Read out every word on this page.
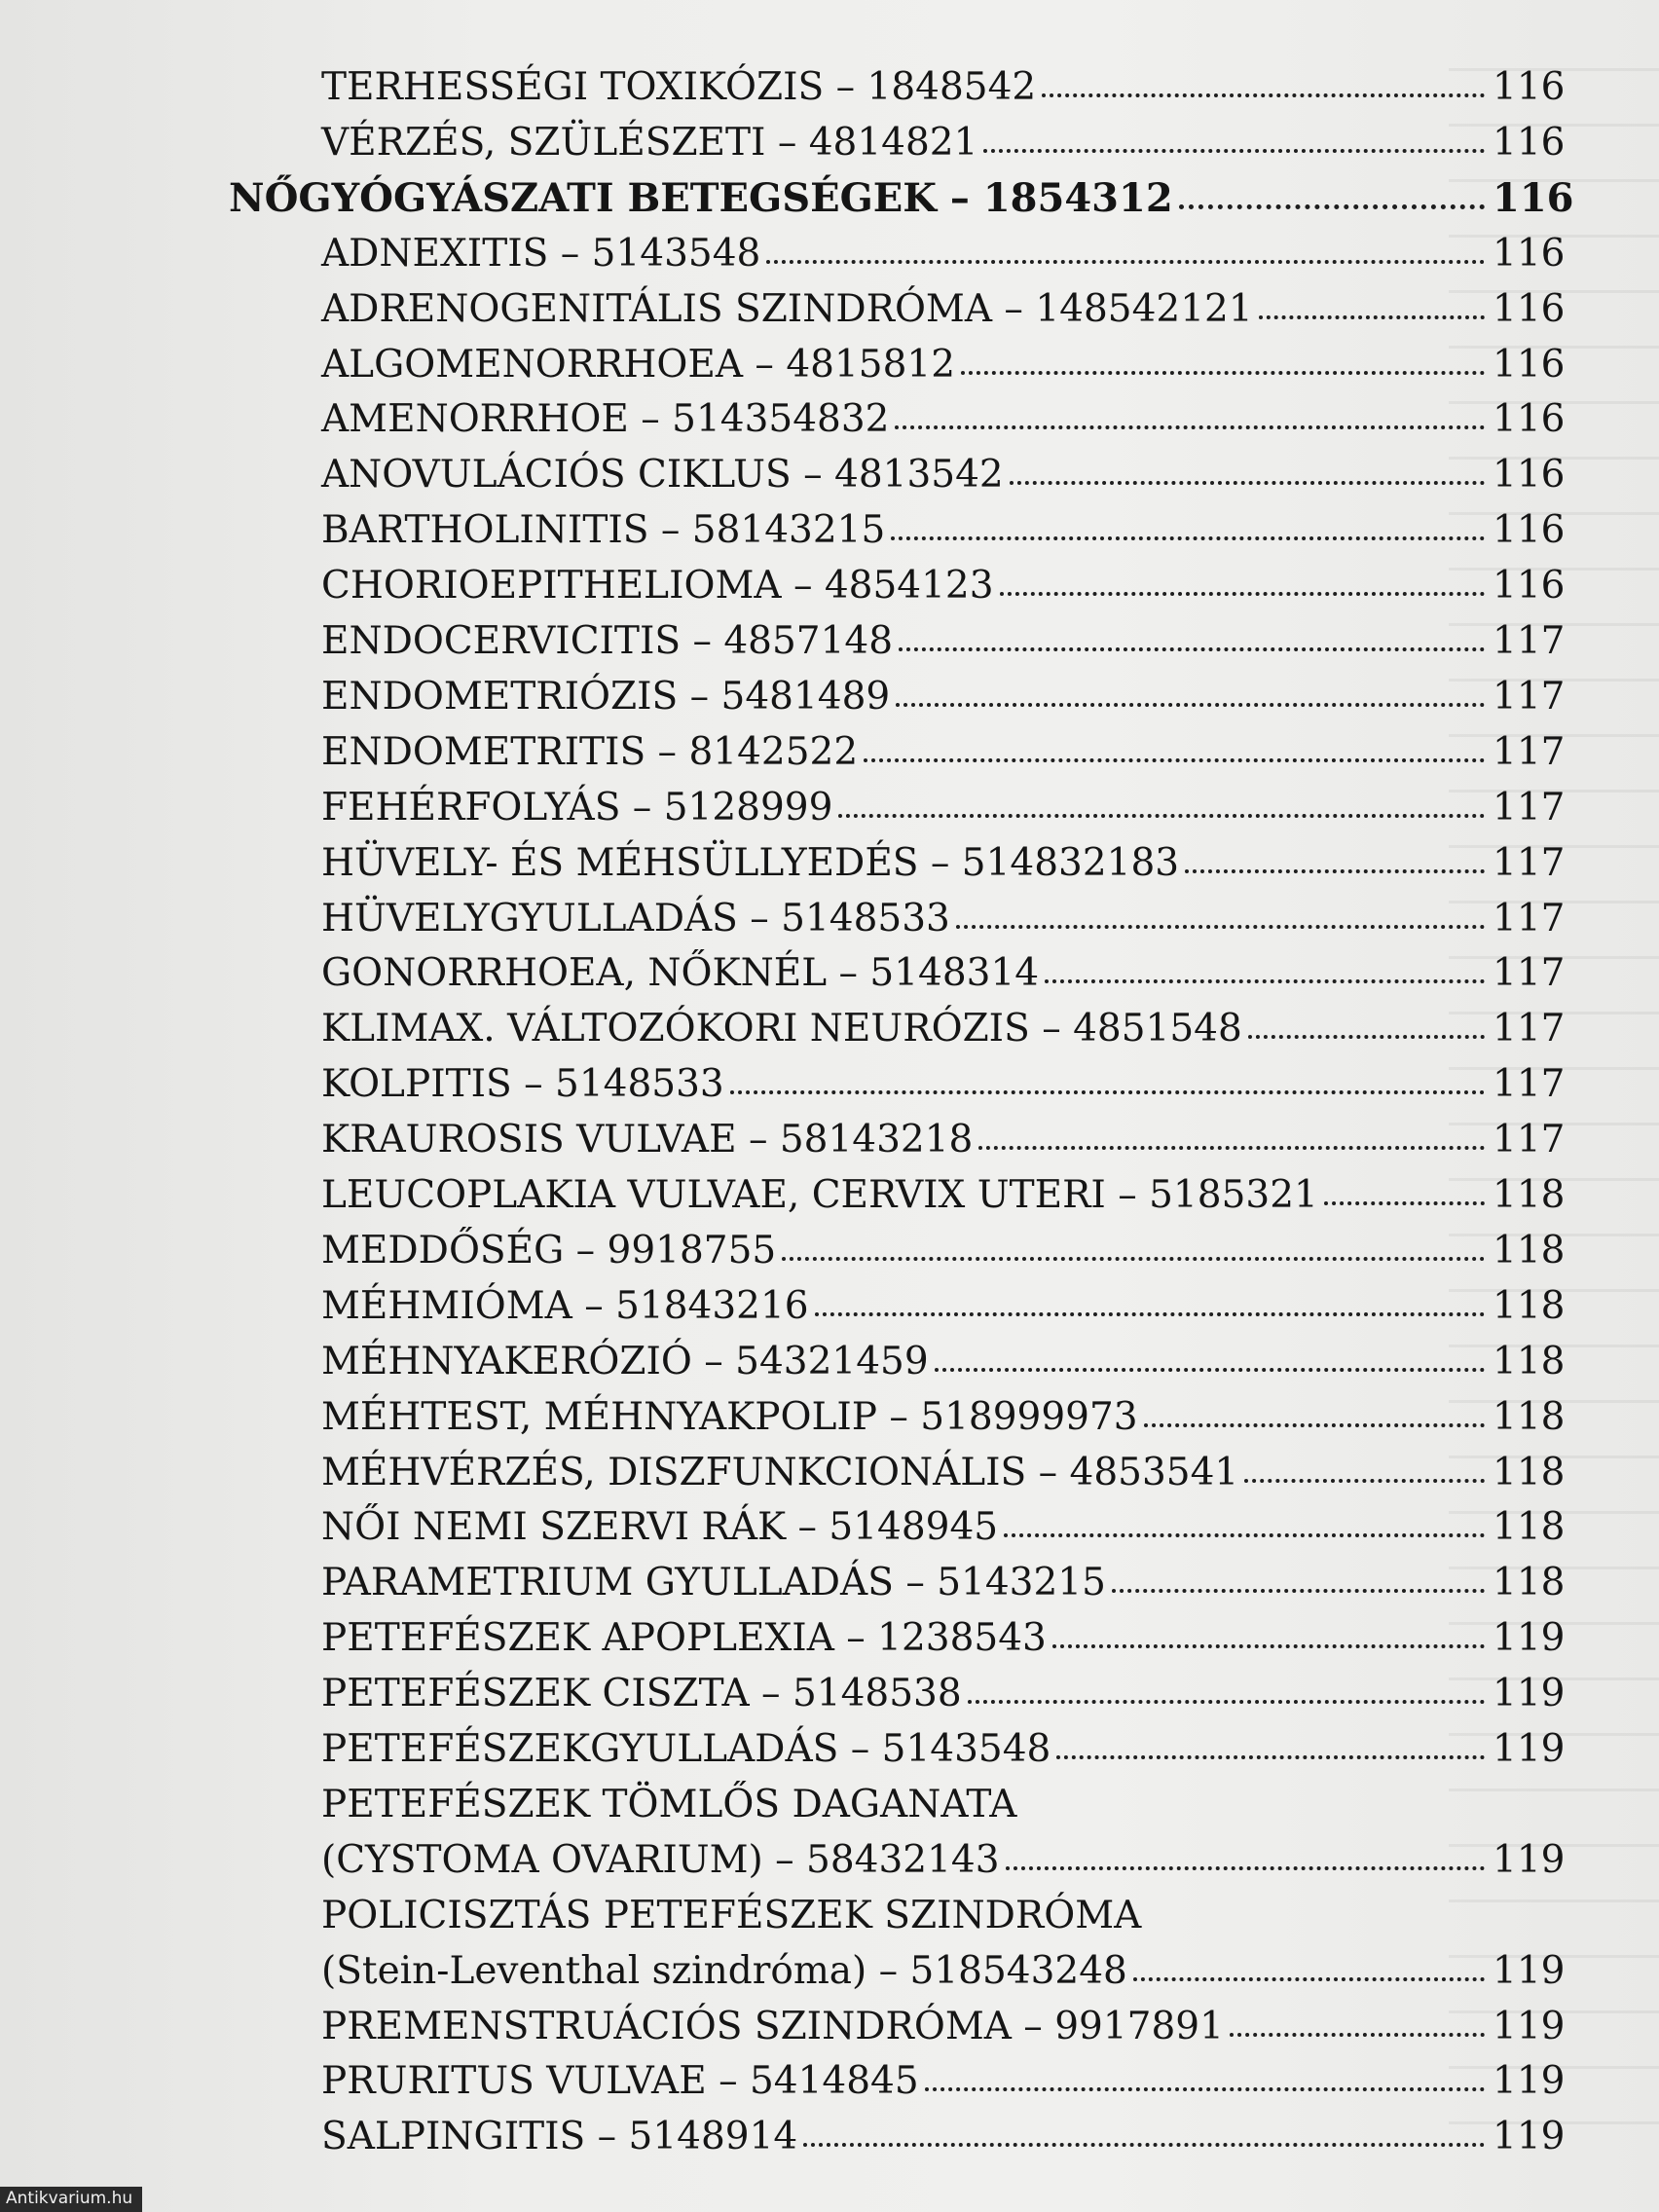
TERHESSÉGI TOXIKÓZIS – 1848542	116
VÉRZÉS, SZÜLÉSZETI – 4814821	116
NŐGYÓGYÁSZATI BETEGSÉGEK – 1854312	116
ADNEXITIS – 5143548	116
ADRENOGENITÁLIS SZINDRÓMA – 148542121	116
ALGOMENORRHOEA – 4815812	116
AMENORRHOE – 514354832	116
ANOVULÁCIÓS CIKLUS – 4813542	116
BARTHOLINITIS – 58143215	116
CHORIOEPITHELIOMA – 4854123	116
ENDOCERVICITIS – 4857148	117
ENDOMETRIÓZIS – 5481489	117
ENDOMETRITIS – 8142522	117
FEHÉRFOLYÁS – 5128999	117
HÜVELY- ÉS MÉHSÜLLYEDÉS – 514832183	117
HÜVELYGYULLADÁS – 5148533	117
GONORRHOEA, NŐKNÉL – 5148314	117
KLIMAX. VÁLTOZÓKORI NEURÓZIS – 4851548	117
KOLPITIS – 5148533	117
KRAUROSIS VULVAE – 58143218	117
LEUCOPLAKIA VULVAE, CERVIX UTERI – 5185321	118
MEDDŐSÉG – 9918755	118
MÉHMIÓMA – 51843216	118
MÉHNYAKERÓZIÓ – 54321459	118
MÉHTEST, MÉHNYAKPOLIP – 518999973	118
MÉHVÉRZÉS, DISZFUNKCIONÁLIS – 4853541	118
NŐI NEMI SZERVI RÁK – 5148945	118
PARAMETRIUM GYULLADÁS – 5143215	118
PETEFÉSZEK APOPLEXIA – 1238543	119
PETEFÉSZEK CISZTA – 5148538	119
PETEFÉSZEKGYULLADÁS – 5143548	119
PETEFÉSZEK TÖMLŐS DAGANATA
(CYSTOMA OVARIUM) – 58432143	119
POLICISZTÁS PETEFÉSZEK SZINDRÓMA
(Stein-Leventhal szindróma) – 518543248	119
PREMENSTRUÁCIÓS SZINDRÓMA – 9917891	119
PRURITUS VULVAE – 5414845	119
SALPINGITIS – 5148914	119
Antikvarium.hu
